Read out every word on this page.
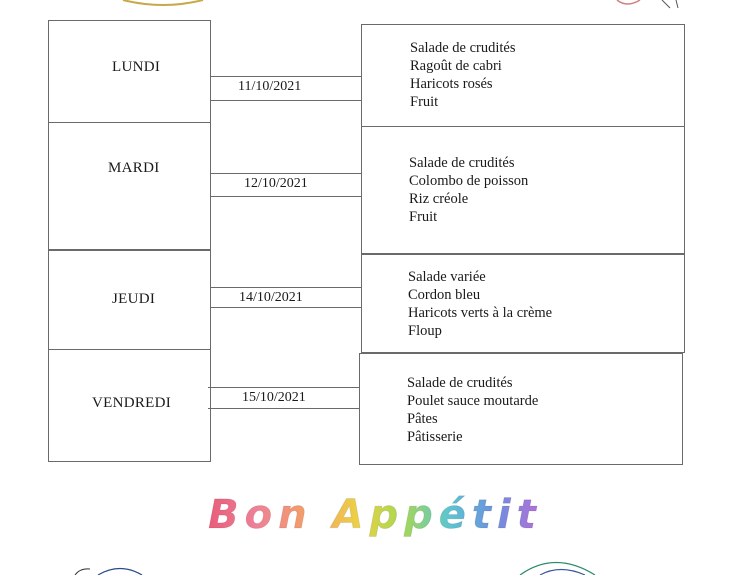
LUNDI
11/10/2021
Salade de crudités
Ragoût de cabri
Haricots rosés
Fruit
MARDI
12/10/2021
Salade de crudités
Colombo de poisson
Riz créole
Fruit
JEUDI	14/10/2021
Salade variée
Cordon bleu
Haricots verts à la crème
Floup
VENDREDI	15/10/2021
Salade de crudités
Poulet sauce moutarde
Pâtes
Pâtisserie
Bon Appétit
